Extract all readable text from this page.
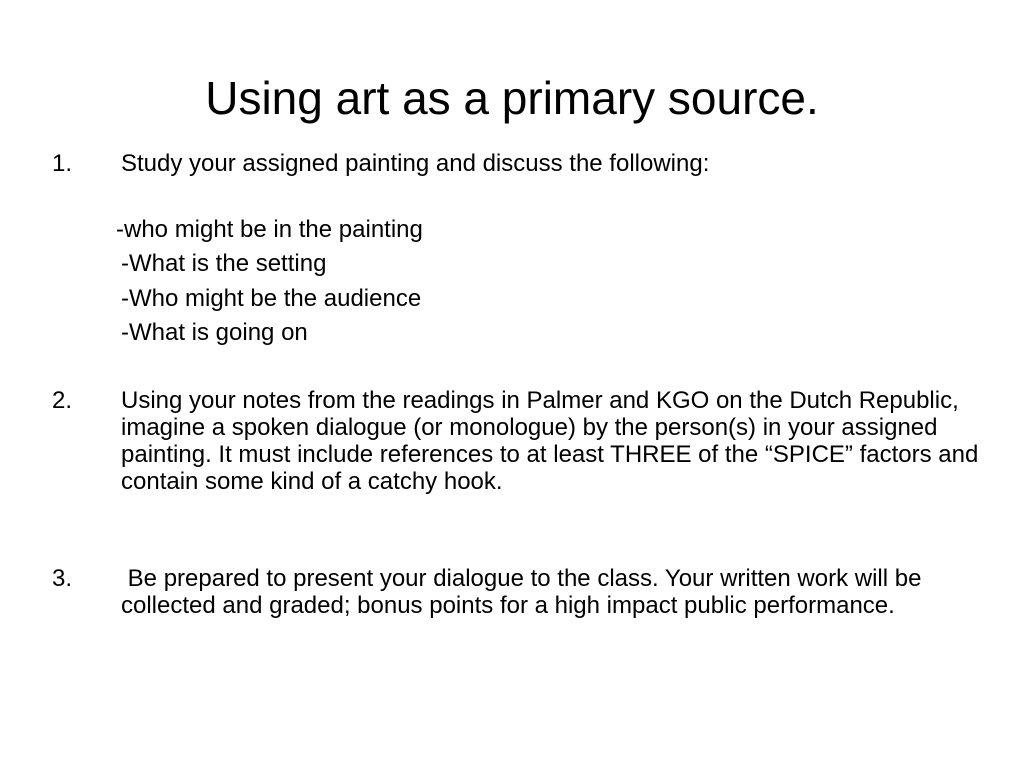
Using art as a primary source.
1. Study your assigned painting and discuss the following:
-who might be in the painting
-What is the setting
-Who might be the audience
-What is going on
2. Using your notes from the readings in Palmer and KGO on the Dutch Republic, imagine a spoken dialogue (or monologue) by the person(s) in your assigned painting. It must include references to at least THREE of the “SPICE” factors and contain some kind of a catchy hook.
3. Be prepared to present your dialogue to the class. Your written work will be collected and graded; bonus points for a high impact public performance.
